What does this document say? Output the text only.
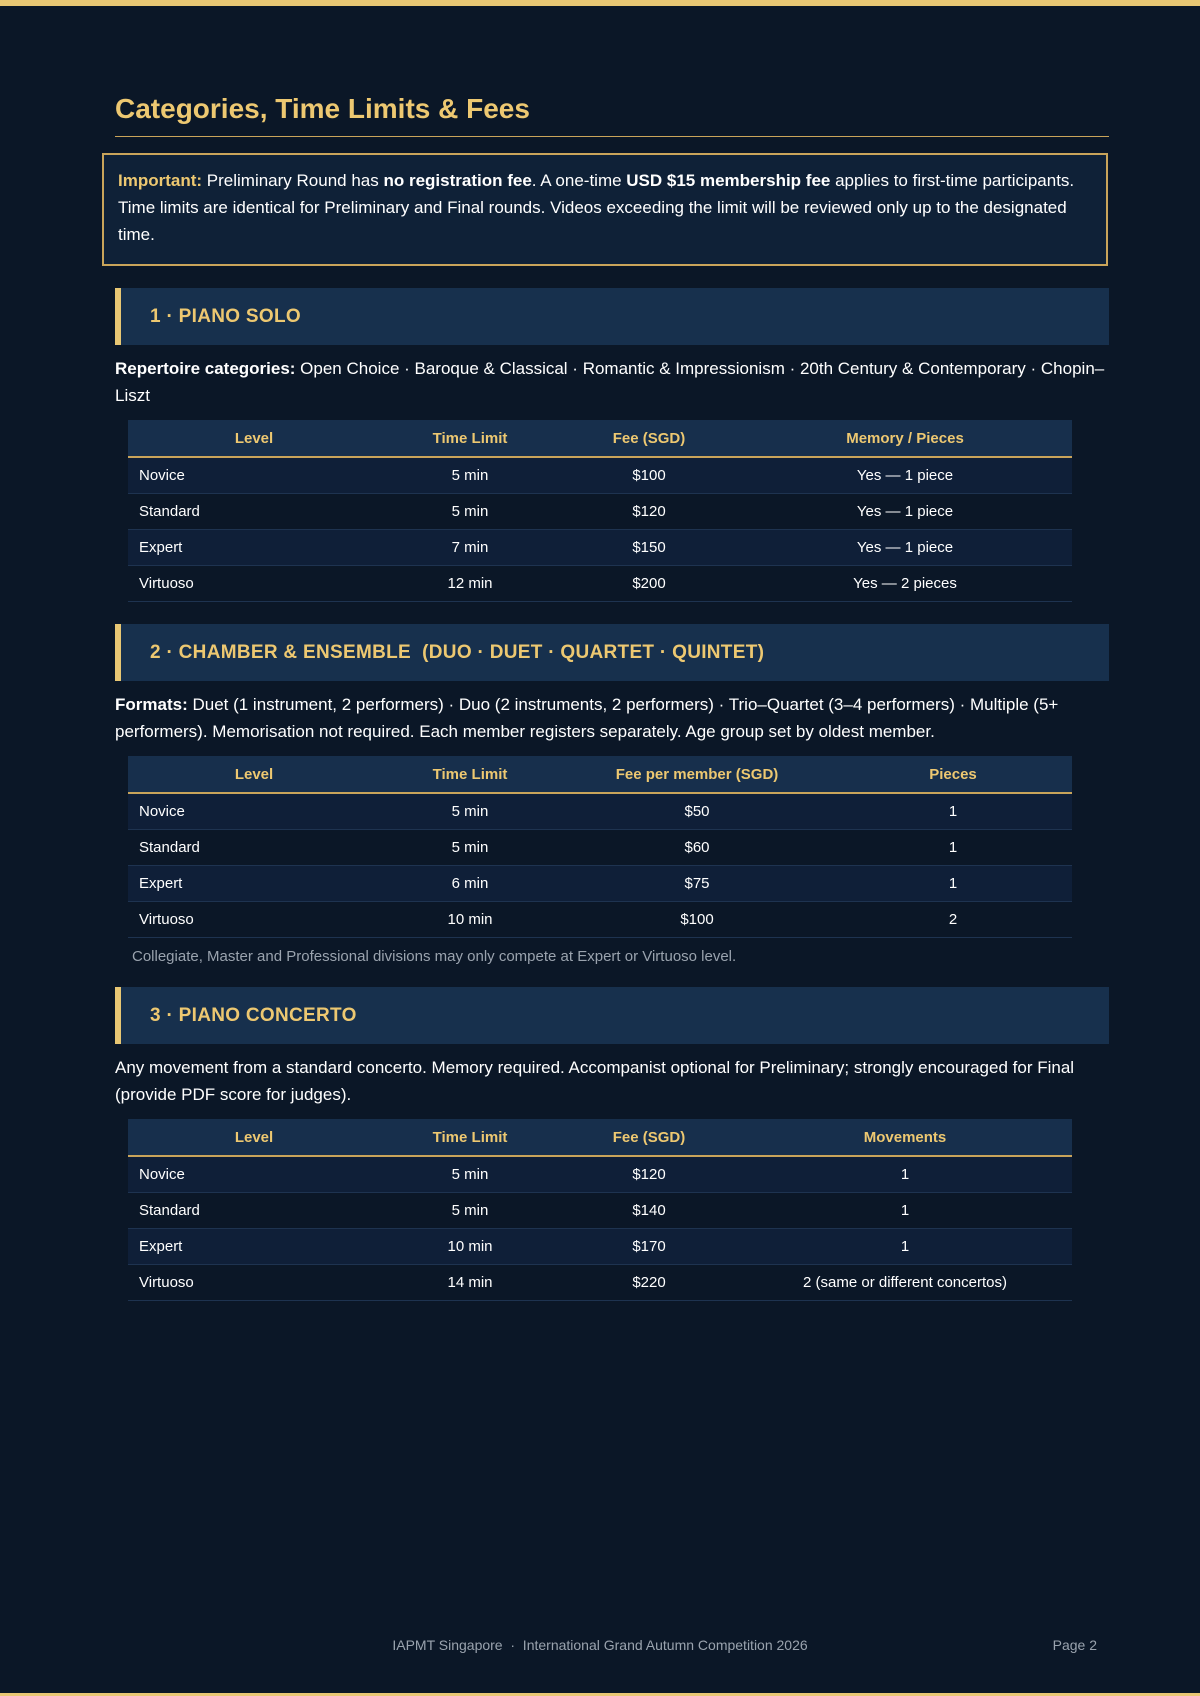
Categories, Time Limits & Fees
Important: Preliminary Round has no registration fee. A one-time USD $15 membership fee applies to first-time participants. Time limits are identical for Preliminary and Final rounds. Videos exceeding the limit will be reviewed only up to the designated time.
1 · PIANO SOLO
Repertoire categories: Open Choice · Baroque & Classical · Romantic & Impressionism · 20th Century & Contemporary · Chopin–Liszt
Level	Time Limit	Fee (SGD)	Memory / Pieces
Novice	5 min	$100	Yes — 1 piece
Standard	5 min	$120	Yes — 1 piece
Expert	7 min	$150	Yes — 1 piece
Virtuoso	12 min	$200	Yes — 2 pieces
2 · CHAMBER & ENSEMBLE  (DUO · DUET · QUARTET · QUINTET)
Formats: Duet (1 instrument, 2 performers) · Duo (2 instruments, 2 performers) · Trio–Quartet (3–4 performers) · Multiple (5+ performers). Memorisation not required. Each member registers separately. Age group set by oldest member.
Level	Time Limit	Fee per member (SGD)	Pieces
Novice	5 min	$50	1
Standard	5 min	$60	1
Expert	6 min	$75	1
Virtuoso	10 min	$100	2
Collegiate, Master and Professional divisions may only compete at Expert or Virtuoso level.
3 · PIANO CONCERTO
Any movement from a standard concerto. Memory required. Accompanist optional for Preliminary; strongly encouraged for Final (provide PDF score for judges).
Level	Time Limit	Fee (SGD)	Movements
Novice	5 min	$120	1
Standard	5 min	$140	1
Expert	10 min	$170	1
Virtuoso	14 min	$220	2 (same or different concertos)
IAPMT Singapore  ·  International Grand Autumn Competition 2026	Page 2
